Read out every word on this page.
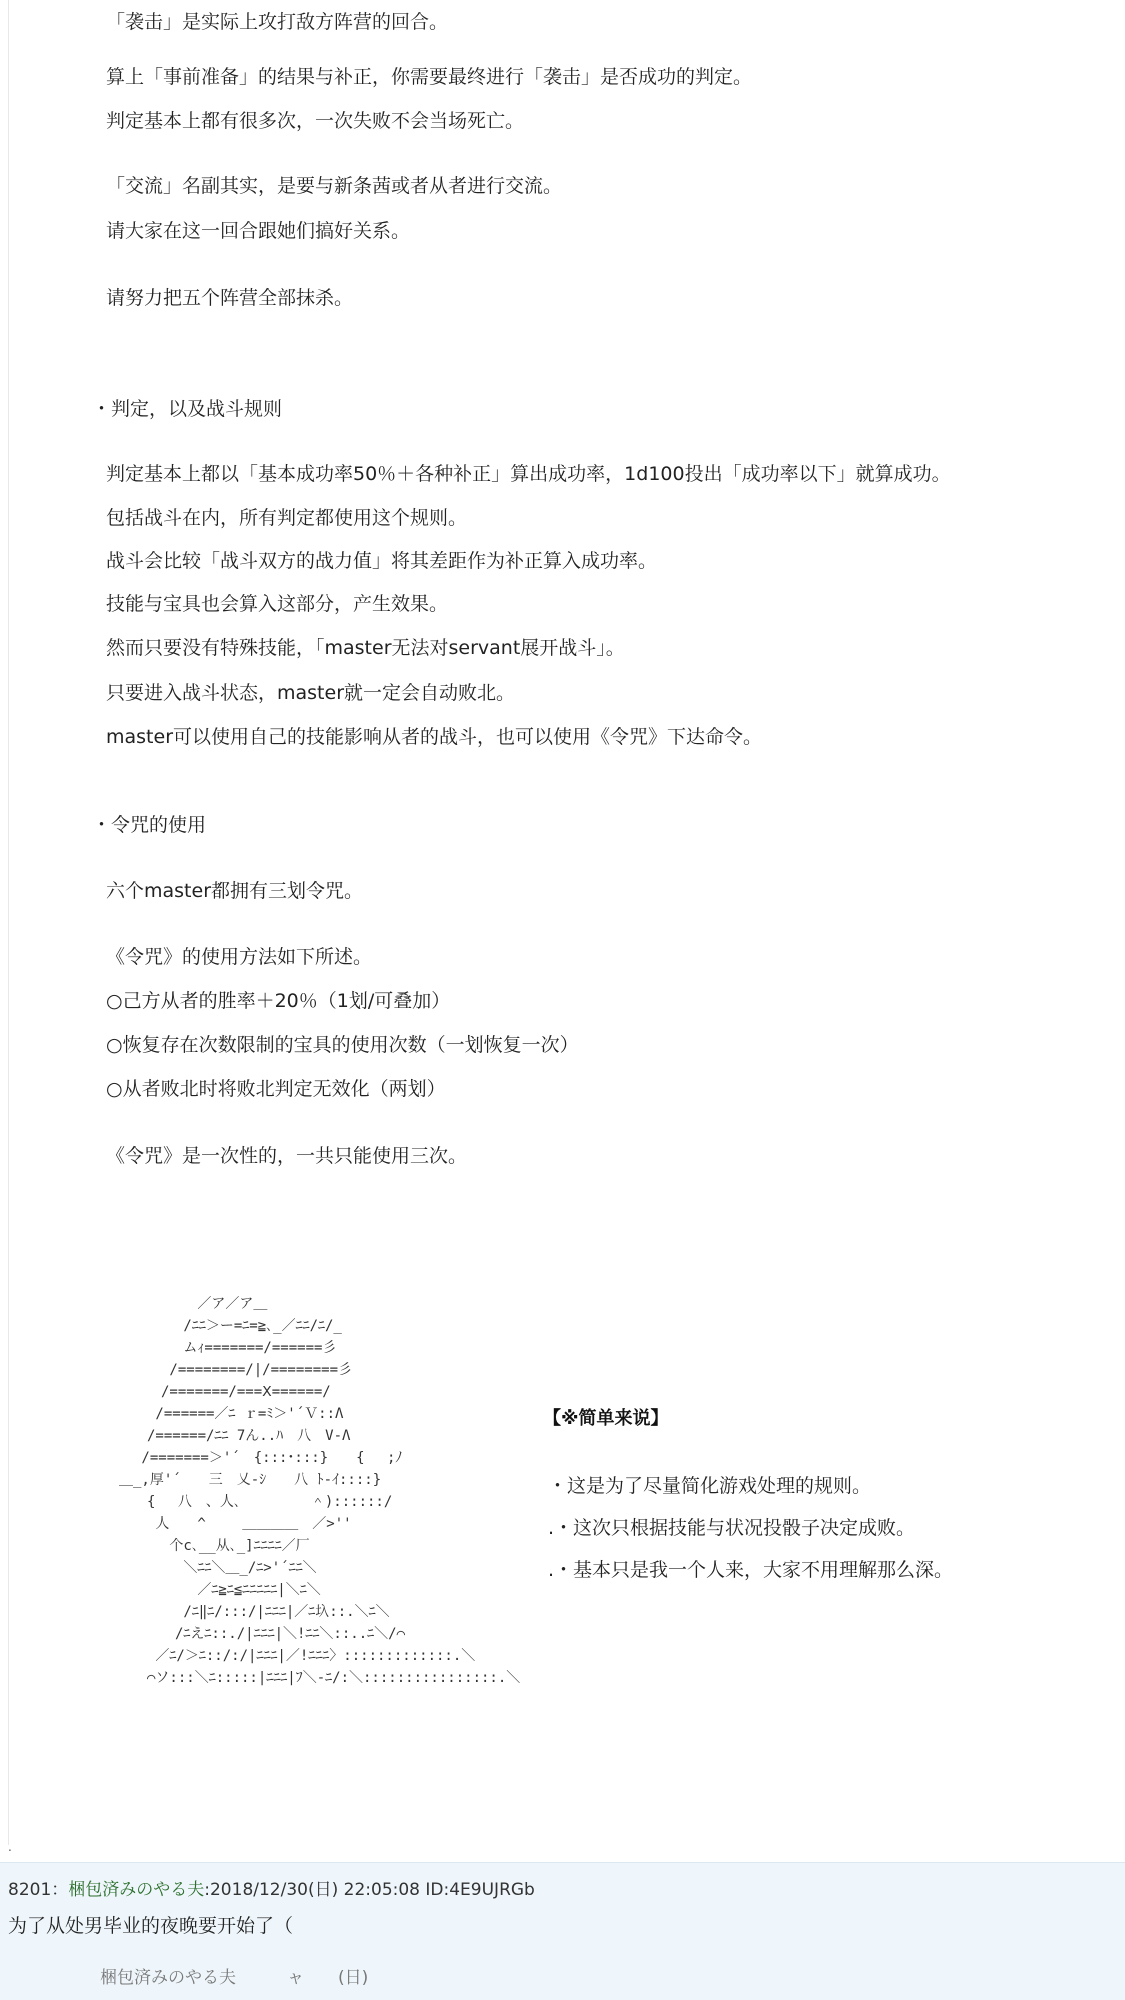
「袭击」是实际上攻打敌方阵营的回合。
算上「事前准备」的结果与补正，你需要最终进行「袭击」是否成功的判定。
判定基本上都有很多次，一次失败不会当场死亡。
「交流」名副其实，是要与新条茜或者从者进行交流。
请大家在这一回合跟她们搞好关系。
请努力把五个阵营全部抹杀。
・判定，以及战斗规则
判定基本上都以「基本成功率50％＋各种补正」算出成功率，1d100投出「成功率以下」就算成功。
包括战斗在内，所有判定都使用这个规则。
战斗会比较「战斗双方的战力值」将其差距作为补正算入成功率。
技能与宝具也会算入这部分，产生效果。
然而只要没有特殊技能，「master无法对servant展开战斗」。
只要进入战斗状态，master就一定会自动败北。
master可以使用自己的技能影响从者的战斗，也可以使用《令咒》下达命令。
・令咒的使用
六个master都拥有三划令咒。
《令咒》的使用方法如下所述。
○己方从者的胜率＋20％（1划/可叠加）
○恢复存在次数限制的宝具的使用次数（一划恢复一次）
○从者败北时将败北判定无效化（两划）
《令咒》是一次性的，一共只能使用三次。
　　　　　　 ／ア／ア＿
　　　　　 /ﾆﾆ＞ー=ﾆ=≧､_／ﾆﾆ/ﾆ/_
　　　　　 ムｨ=======/======彡
　　　　 /========/|/========彡
　　　　/=======/===Ⅹ======/
　　　 /======／ﾆ ｒ=ﾐ＞'´Ｖ::Λ
　　　/======/ﾆﾆ 7ん..ﾊ　八　V-Λ
　　 /=======＞'´　{:::･:::}　　{　 ;ﾉ
　＿_,厚'´　　三　乂-ｼ　　八 ﾄ-ｲ::::}
　　　{　 八　、人､　　　　　＾)::::::/
　　　 人　　^　　 ＿＿＿＿　／>''
　　　　 个c､__从､_]ﾆﾆﾆﾆ／厂
　　　　　 ＼ﾆﾆ＼＿_/ﾆ>'´ﾆﾆ＼
　　　　　　 ／ﾆ≧ﾆ≦ﾆﾆﾆﾆﾆ|＼ﾆ＼
　　　　　 /ﾆ‖ﾆ/:::/|ﾆﾆﾆ|／ﾆ圦::.＼ﾆ＼
　　　　　/ﾆえﾆ::./|ﾆﾆﾆ|＼!ﾆﾆ＼::..ﾆ＼/⌒
　　　 ／ﾆ/＞ﾆ::/:/|ﾆﾆﾆ|／!ﾆﾆﾆ〉:::::::::::::.＼
　　　⌒ソ:::＼ﾆ:::::|ﾆﾆﾆ|ﾌ＼-ﾆ/:＼::::::::::::::::.＼
【※简单来说】
・这是为了尽量简化游戏处理的规则。
.・这次只根据技能与状况投骰子决定成败。
.・基本只是我一个人来，大家不用理解那么深。
.
8201：梱包済みのやる夫:2018/12/30(日) 22:05:08 ID:4E9UJRGb
为了从处男毕业的夜晚要开始了（
　　梱包済みのやる夫　　　ャ　　(日)
